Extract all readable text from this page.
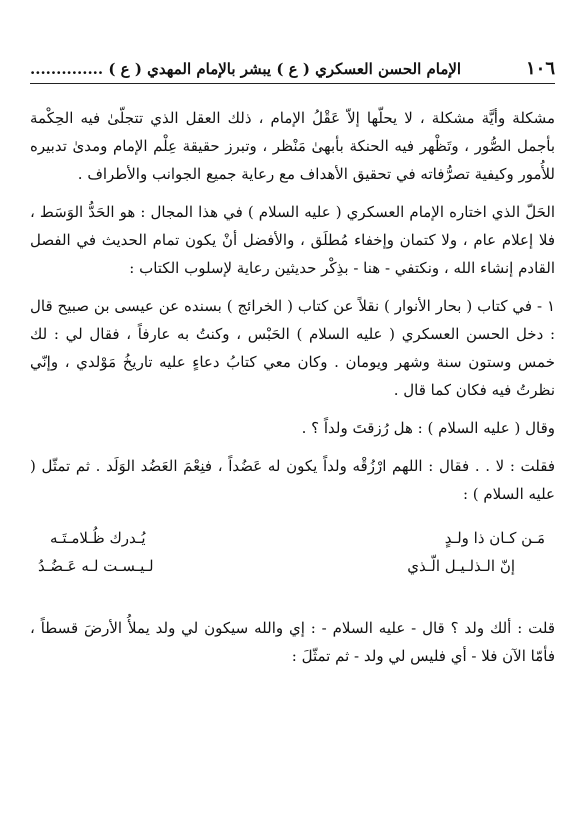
١٠٦
الإمام الحسن العسكري ( ع ) يبشر بالإمام المهدي ( ع ) ..............

مشكلة وأيَّة مشكلة ، لا يحلّها إلاّ عَقْلُ الإمام ، ذلك العقل الذي تتجلّىٰ فيه الحِكْمة بأجمل الصُّور ، وتَظْهر فيه الحنكة بأبهىٰ مَنْظر ، وتبرز حقيقة عِلْم الإمام ومدىٰ تدبيره للأُمور وكيفية تصرُّفاته في تحقيق الأهداف مع رعاية جميع الجوانب والأطراف .

الحَلّ الذي اختاره الإمام العسكري ( عليه السلام ) في هذا المجال : هو الحَدُّ الوَسَط ، فلا إعلام عام ، ولا كتمان وإخفاء مُطلَق ، والأفضل أنْ يكون تمام الحديث في الفصل القادم إنشاء الله ، ونكتفي - هنا - بذِكْر حديثين رعاية لإسلوب الكتاب :

١ - في كتاب ( بحار الأنوار ) نقلاً عن كتاب ( الخرائج ) بسنده عن عيسى بن صبيح قال : دخل الحسن العسكري ( عليه السلام ) الحَبْس ، وكنتُ به عارفاً ، فقال لي : لك خمس وستون سنة وشهر ويومان . وكان معي كتابُ دعاءٍ عليه تاريخُ مَوْلدي ، وإنّي نظرتُ فيه فكان كما قال .

وقال ( عليه السلام ) : هل رُزقتَ ولداً ؟ .

فقلت : لا . . فقال : اللهم ارْزُقْه ولداً يكون له عَضُداً ، فنِعْمَ العَضُد الوَلَد . ثم تمثّل ( عليه السلام ) :

مَـن كـان ذا ولـدٍ
يُـدرك ظُـلامـتَـه
إنّ الـذلـيـل الّـذي
لـيـسـت لـه عَـضُـدُ

قلت : ألك ولد ؟ قال - عليه السلام - : إي والله سيكون لي ولد يملأُ الأرضَ قسطاً ، فأمّا الآن فلا - أي فليس لي ولد - ثم تمثّلَ :
